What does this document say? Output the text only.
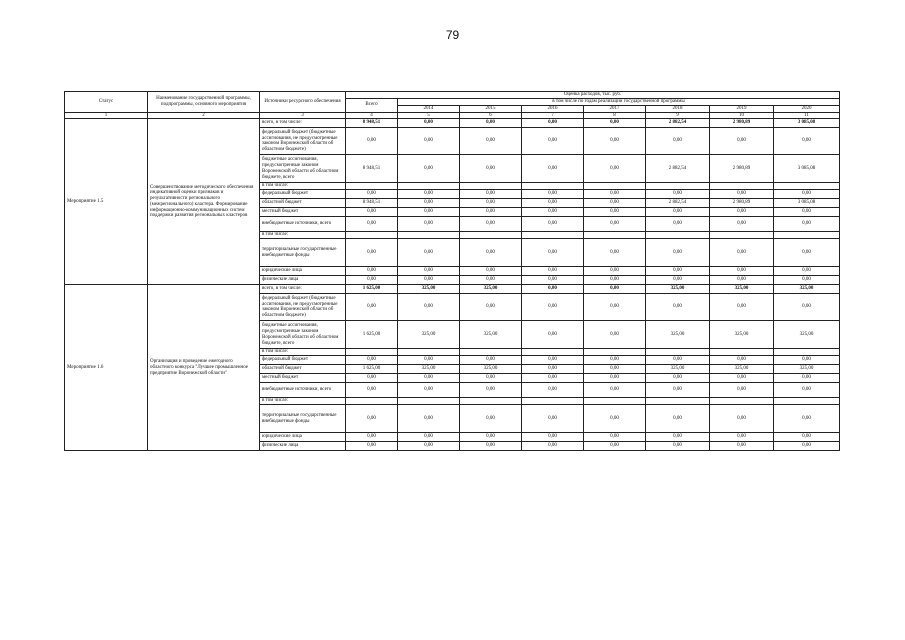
79
Статус	Наименование государственной программы, подпрограммы, основного мероприятия	Источники ресурсного обеспечения	Оценка расходов, тыс. руб.							
			Всего	в том числе по годам реализации государственной программы						
				2014	2015	2016	2017	2018	2019	2020
1	2	3	4	5	6	7	8	9	10	11
Мероприятие 1.5	Совершенствование методического обеспечения индикативной оценки признаков и результативности регионального (межрегионального) кластера. Формирование информационно-коммуникационных систем поддержки развития региональных кластеров	всего, в том числе:	8 948,51	0,00	0,00	0,00	0,00	2 882,54	2 980,89	3 085,08
		федеральный бюджет (бюджетные ассигнования, не предусмотренные законом Воронежской области об областном бюджете)	0,00	0,00	0,00	0,00	0,00	0,00	0,00	0,00
		бюджетные ассигнования, предусмотренные законом Воронежской области об областном бюджете, всего	8 948,51	0,00	0,00	0,00	0,00	2 882,54	2 980,89	3 085,08
		в том числе:								
		федеральный бюджет	0,00	0,00	0,00	0,00	0,00	0,00	0,00	0,00
		областной бюджет	8 948,51	0,00	0,00	0,00	0,00	2 882,54	2 980,89	3 085,08
		местный бюджет	0,00	0,00	0,00	0,00	0,00	0,00	0,00	0,00
		внебюджетные источники, всего	0,00	0,00	0,00	0,00	0,00	0,00	0,00	0,00
		в том числе:								
		территориальные государственные внебюджетные фонды	0,00	0,00	0,00	0,00	0,00	0,00	0,00	0,00
		юридические лица	0,00	0,00	0,00	0,00	0,00	0,00	0,00	0,00
		физические лица	0,00	0,00	0,00	0,00	0,00	0,00	0,00	0,00
Мероприятие 1.6	Организация и проведение ежегодного областного конкурса "Лучшее промышленное предприятие Воронежской области"	всего, в том числе:	1 625,00	325,00	325,00	0,00	0,00	325,00	325,00	325,00
		федеральный бюджет (бюджетные ассигнования, не предусмотренные законом Воронежской области об областном бюджете)	0,00	0,00	0,00	0,00	0,00	0,00	0,00	0,00
		бюджетные ассигнования, предусмотренные законом Воронежской области об областном бюджете, всего	1 625,00	325,00	325,00	0,00	0,00	325,00	325,00	325,00
		в том числе:								
		федеральный бюджет	0,00	0,00	0,00	0,00	0,00	0,00	0,00	0,00
		областной бюджет	1 625,00	325,00	325,00	0,00	0,00	325,00	325,00	325,00
		местный бюджет	0,00	0,00	0,00	0,00	0,00	0,00	0,00	0,00
		внебюджетные источники, всего	0,00	0,00	0,00	0,00	0,00	0,00	0,00	0,00
		в том числе:								
		территориальные государственные внебюджетные фонды	0,00	0,00	0,00	0,00	0,00	0,00	0,00	0,00
		юридические лица	0,00	0,00	0,00	0,00	0,00	0,00	0,00	0,00
		физические лица	0,00	0,00	0,00	0,00	0,00	0,00	0,00	0,00
